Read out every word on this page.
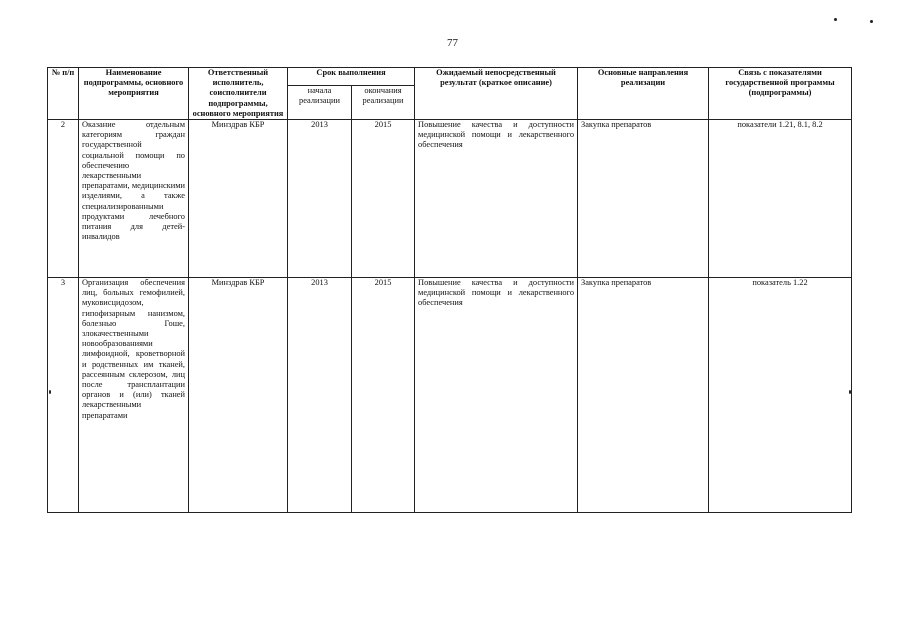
77
№ п/п	Наименование подпрограммы, основного мероприятия	Ответственный исполнитель, соисполнители подпрограммы, основного мероприятия	Срок выполнения		Ожидаемый непосредственный результат (краткое описание)	Основные направления реализации	Связь с показателями государственной программы (подпрограммы)
			начала реализации	окончания реализации			
2	Оказание отдельным категориям граждан государственной социальной помощи по обеспечению лекарственными препаратами, медицинскими изделиями, а также специализированными продуктами лечебного питания для детей-инвалидов	Минздрав КБР	2013	2015	Повышение качества и доступности медицинской помощи и лекарственного обеспечения	Закупка препаратов	показатели 1.21, 8.1, 8.2
3	Организация обеспечения лиц, больных гемофилией, муковисцидозом, гипофизарным нанизмом, болезнью Гоше, злокачественными новообразованиями лимфоидной, кроветворной и родственных им тканей, рассеянным склерозом, лиц после трансплантации органов и (или) тканей лекарственными препаратами	Минздрав КБР	2013	2015	Повышение качества и доступности медицинской помощи и лекарственного обеспечения	Закупка препаратов	показатель 1.22
